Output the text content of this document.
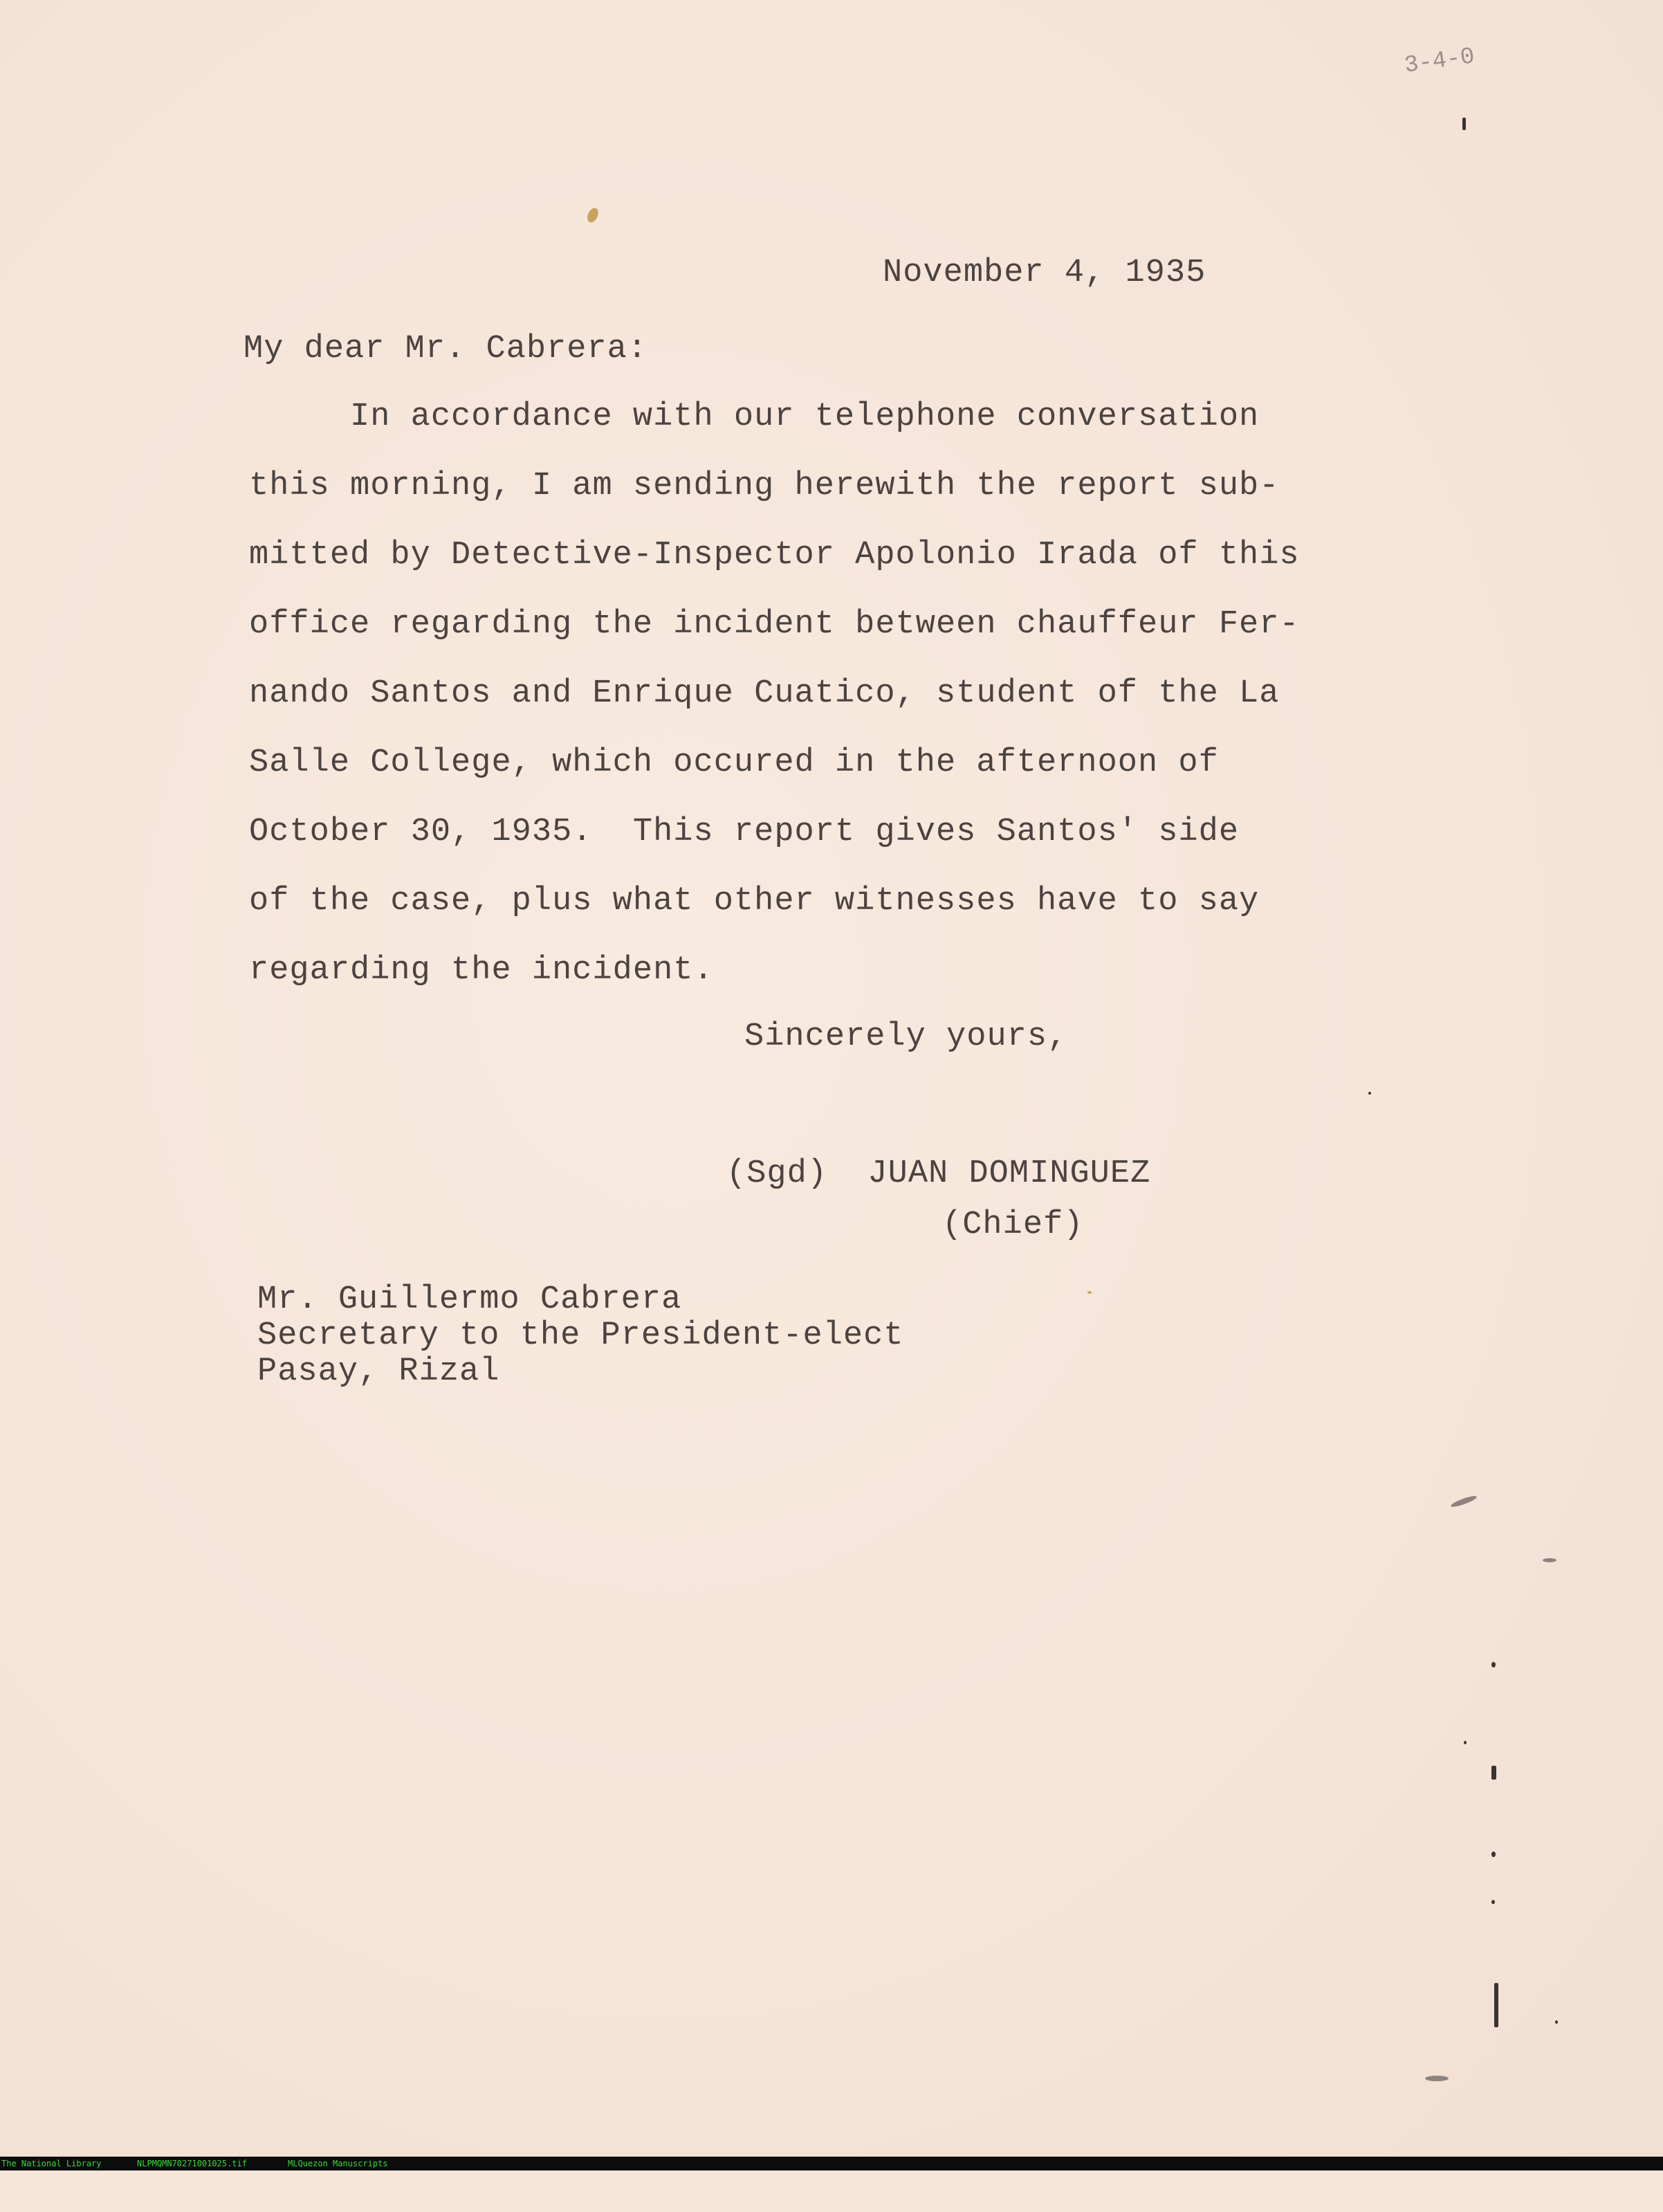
3-4-0
November 4, 1935
My dear Mr. Cabrera:
In accordance with our telephone conversation
this morning, I am sending herewith the report sub-
mitted by Detective-Inspector Apolonio Irada of this
office regarding the incident between chauffeur Fer-
nando Santos and Enrique Cuatico, student of the La
Salle College, which occured in the afternoon of
October 30, 1935.  This report gives Santos' side
of the case, plus what other witnesses have to say
regarding the incident.
Sincerely yours,
(Sgd)  JUAN DOMINGUEZ
(Chief)
Mr. Guillermo Cabrera
Secretary to the President-elect
Pasay, Rizal

The National Library

	NLPMQMN70271001025.tif

	MLQuezon Manuscripts
